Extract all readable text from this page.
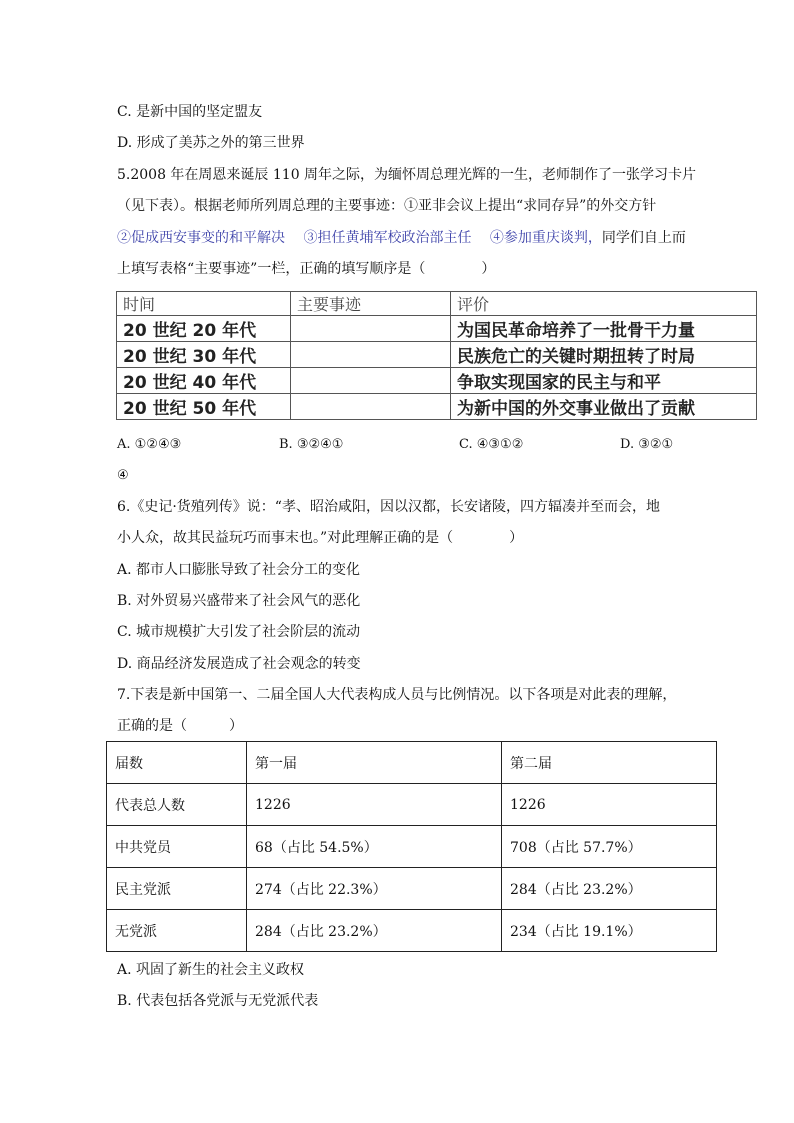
C. 是新中国的坚定盟友

D. 形成了美苏之外的第三世界

5.2008 年在周恩来诞辰 110 周年之际，为缅怀周总理光辉的一生，老师制作了一张学习卡片

（见下表）。根据老师所列周总理的主要事迹：①亚非会议上提出“求同存异”的外交方针

②促成西安事变的和平解决　 ③担任黄埔军校政治部主任　 ④参加重庆谈判，同学们自上而

上填写表格“主要事迹”一栏，正确的填写顺序是（　　　　）

时间	主要事迹	评价
20 世纪 20 年代		为国民革命培养了一批骨干力量
20 世纪 30 年代		民族危亡的关键时期扭转了时局
20 世纪 40 年代		争取实现国家的民主与和平
20 世纪 50 年代		为新中国的外交事业做出了贡献
A. ①②④③	B. ③②④①	C. ④③①②	D. ③②①
④

6.《史记·货殖列传》说：“孝、昭治咸阳，因以汉都，长安诸陵，四方辐凑并至而会，地

小人众，故其民益玩巧而事末也。”对此理解正确的是（　　　　）

A. 都市人口膨胀导致了社会分工的变化

B. 对外贸易兴盛带来了社会风气的恶化

C. 城市规模扩大引发了社会阶层的流动

D. 商品经济发展造成了社会观念的转变

7.下表是新中国第一、二届全国人大代表构成人员与比例情况。以下各项是对此表的理解，

正确的是（　　　）

届数	第一届	第二届
代表总人数	1226	1226
中共党员	68（占比 54.5%）	708（占比 57.7%）
民主党派	274（占比 22.3%）	284（占比 23.2%）
无党派	284（占比 23.2%）	234（占比 19.1%）

A. 巩固了新生的社会主义政权

B. 代表包括各党派与无党派代表
